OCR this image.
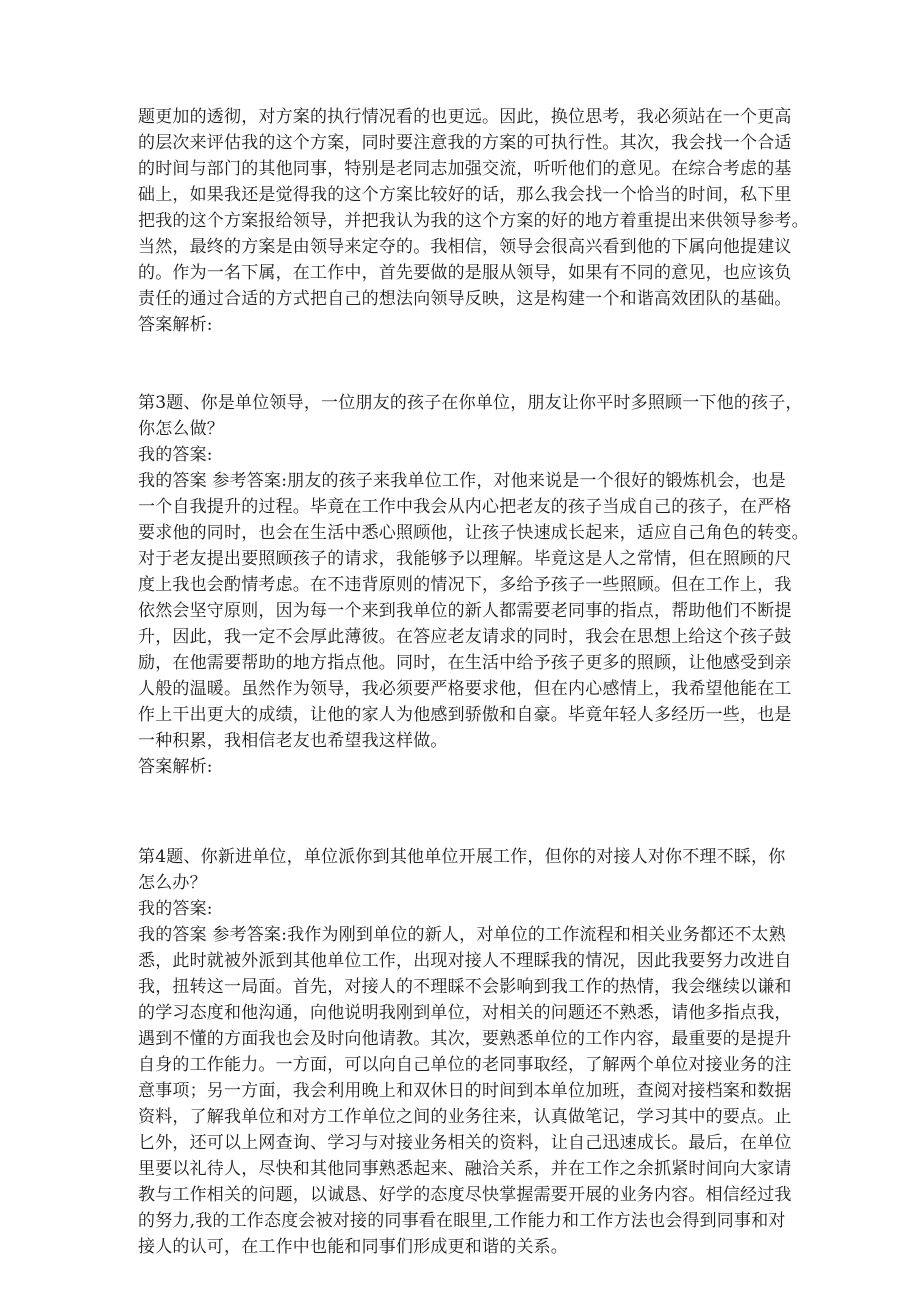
题更加的透彻，对方案的执行情况看的也更远。因此，换位思考，我必须站在一个更高
的层次来评估我的这个方案，同时要注意我的方案的可执行性。其次，我会找一个合适
的时间与部门的其他同事，特别是老同志加强交流，听听他们的意见。在综合考虑的基
础上，如果我还是觉得我的这个方案比较好的话，那么我会找一个恰当的时间，私下里
把我的这个方案报给领导，并把我认为我的这个方案的好的地方着重提出来供领导参考。
当然，最终的方案是由领导来定夺的。我相信，领导会很高兴看到他的下属向他提建议
的。作为一名下属，在工作中，首先要做的是服从领导，如果有不同的意见，也应该负
责任的通过合适的方式把自己的想法向领导反映，这是构建一个和谐高效团队的基础。
答案解析:
第3题、你是单位领导，一位朋友的孩子在你单位，朋友让你平时多照顾一下他的孩子，
你怎么做？
我的答案:
我的答案 参考答案:朋友的孩子来我单位工作，对他来说是一个很好的锻炼机会，也是
一个自我提升的过程。毕竟在工作中我会从内心把老友的孩子当成自己的孩子，在严格
要求他的同时，也会在生活中悉心照顾他，让孩子快速成长起来，适应自己角色的转变。
对于老友提出要照顾孩子的请求，我能够予以理解。毕竟这是人之常情，但在照顾的尺
度上我也会酌情考虑。在不违背原则的情况下，多给予孩子一些照顾。但在工作上，我
依然会坚守原则，因为每一个来到我单位的新人都需要老同事的指点，帮助他们不断提
升，因此，我一定不会厚此薄彼。在答应老友请求的同时，我会在思想上给这个孩子鼓
励，在他需要帮助的地方指点他。同时，在生活中给予孩子更多的照顾，让他感受到亲
人般的温暖。虽然作为领导，我必须要严格要求他，但在内心感情上，我希望他能在工
作上干出更大的成绩，让他的家人为他感到骄傲和自豪。毕竟年轻人多经历一些，也是
一种积累，我相信老友也希望我这样做。
答案解析:
第4题、你新进单位，单位派你到其他单位开展工作，但你的对接人对你不理不睬，你
怎么办？
我的答案:
我的答案 参考答案:我作为刚到单位的新人，对单位的工作流程和相关业务都还不太熟
悉，此时就被外派到其他单位工作，出现对接人不理睬我的情况，因此我要努力改进自
我，扭转这一局面。首先，对接人的不理睬不会影响到我工作的热情，我会继续以谦和
的学习态度和他沟通，向他说明我刚到单位，对相关的问题还不熟悉，请他多指点我，
遇到不懂的方面我也会及时向他请教。其次，要熟悉单位的工作内容，最重要的是提升
自身的工作能力。一方面，可以向自己单位的老同事取经，了解两个单位对接业务的注
意事项；另一方面，我会利用晚上和双休日的时间到本单位加班，查阅对接档案和数据
资料，了解我单位和对方工作单位之间的业务往来，认真做笔记，学习其中的要点。止
匕外，还可以上网查询、学习与对接业务相关的资料，让自己迅速成长。最后，在单位
里要以礼待人，尽快和其他同事熟悉起来、融洽关系，并在工作之余抓紧时间向大家请
教与工作相关的问题，以诚恳、好学的态度尽快掌握需要开展的业务内容。相信经过我
的努力,我的工作态度会被对接的同事看在眼里,工作能力和工作方法也会得到同事和对
接人的认可，在工作中也能和同事们形成更和谐的关系。
